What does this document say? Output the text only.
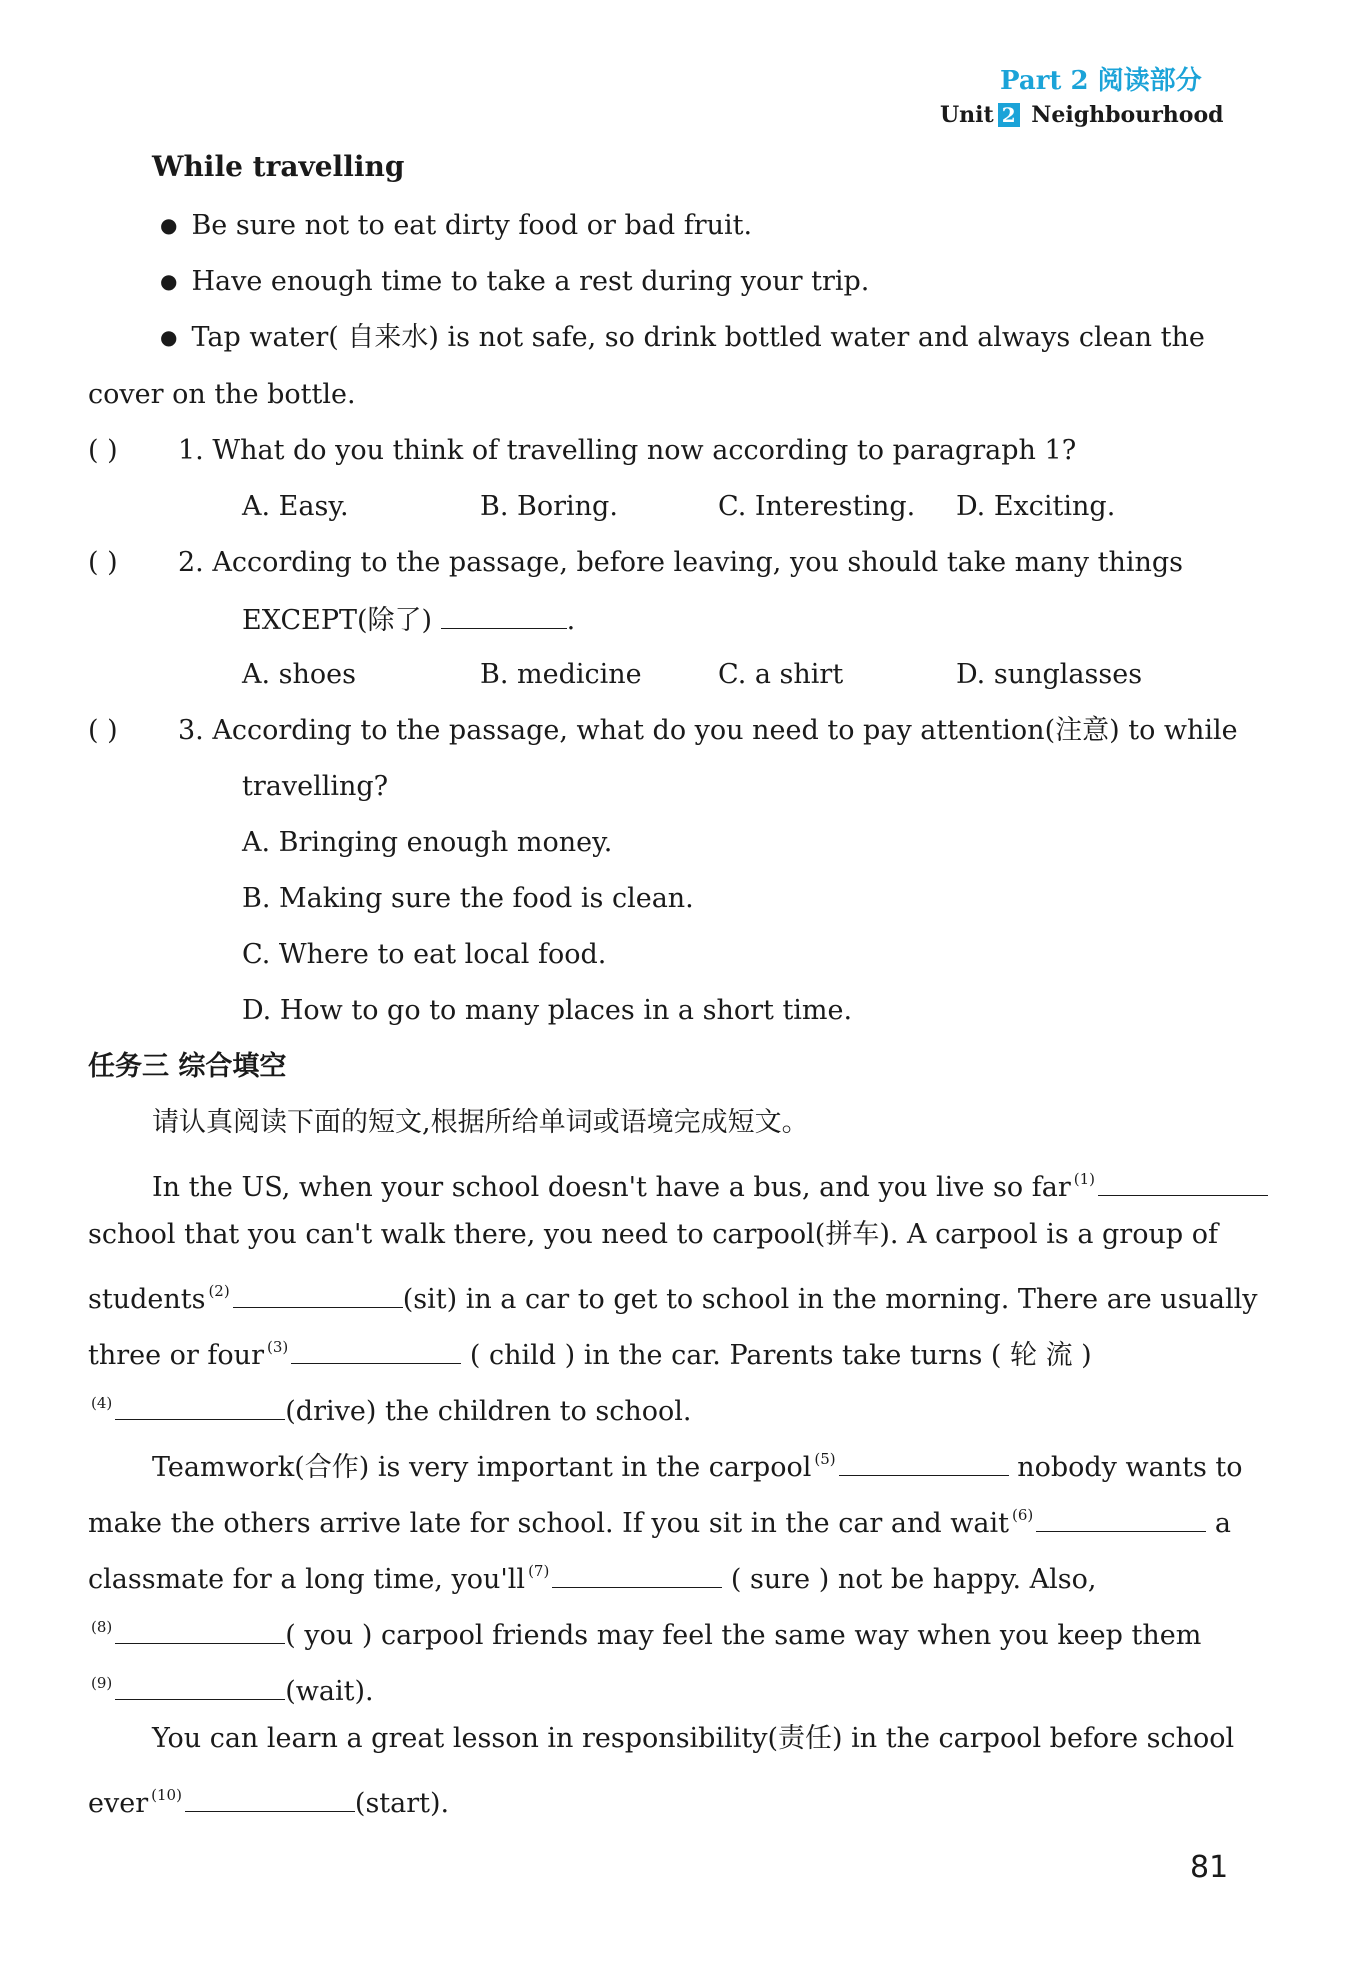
Part 2 阅读部分
Unit 2 Neighbourhood
While travelling
● Be sure not to eat dirty food or bad fruit.
● Have enough time to take a rest during your trip.
● Tap water( 自来水) is not safe, so drink bottled water and always clean the
cover on the bottle.
( ) 1. What do you think of travelling now according to paragraph 1?
A. Easy.	B. Boring.	C. Interesting. D. Exciting.
( ) 2. According to the passage, before leaving, you should take many things
EXCEPT(除了)	.
A. shoes	B. medicine	C. a shirt	D. sunglasses
( ) 3. According to the passage, what do you need to pay attention(注意) to while
travelling?
A. Bringing enough money.
B. Making sure the food is clean.
C. Where to eat local food.
D. How to go to many places in a short time.
任务三 综合填空
请认真阅读下面的短文,根据所给单词或语境完成短文。
In the US, when your school doesn't have a bus, and you live so far $^{(1)}$
school that you can't walk there, you need to carpool(拼车). A carpool is a group of
students $^{(2)}$	(sit) in a car to get to school in the morning. There are usually
three or four $^{(3)}$	( child ) in the car. Parents take turns ( 轮 流 )
$^{(4)}$	(drive) the children to school.
Teamwork(合作) is very important in the carpool $^{(5)}$	nobody wants to
make the others arrive late for school. If you sit in the car and wait $^{(6)}$	a
classmate for a long time, you'll $^{(7)}$	( sure ) not be happy. Also,
$^{(8)}$	( you ) carpool friends may feel the same way when you keep them
$^{(9)}$	(wait).
You can learn a great lesson in responsibility(责任) in the carpool before school
ever $^{(10)}$	(start).
81
